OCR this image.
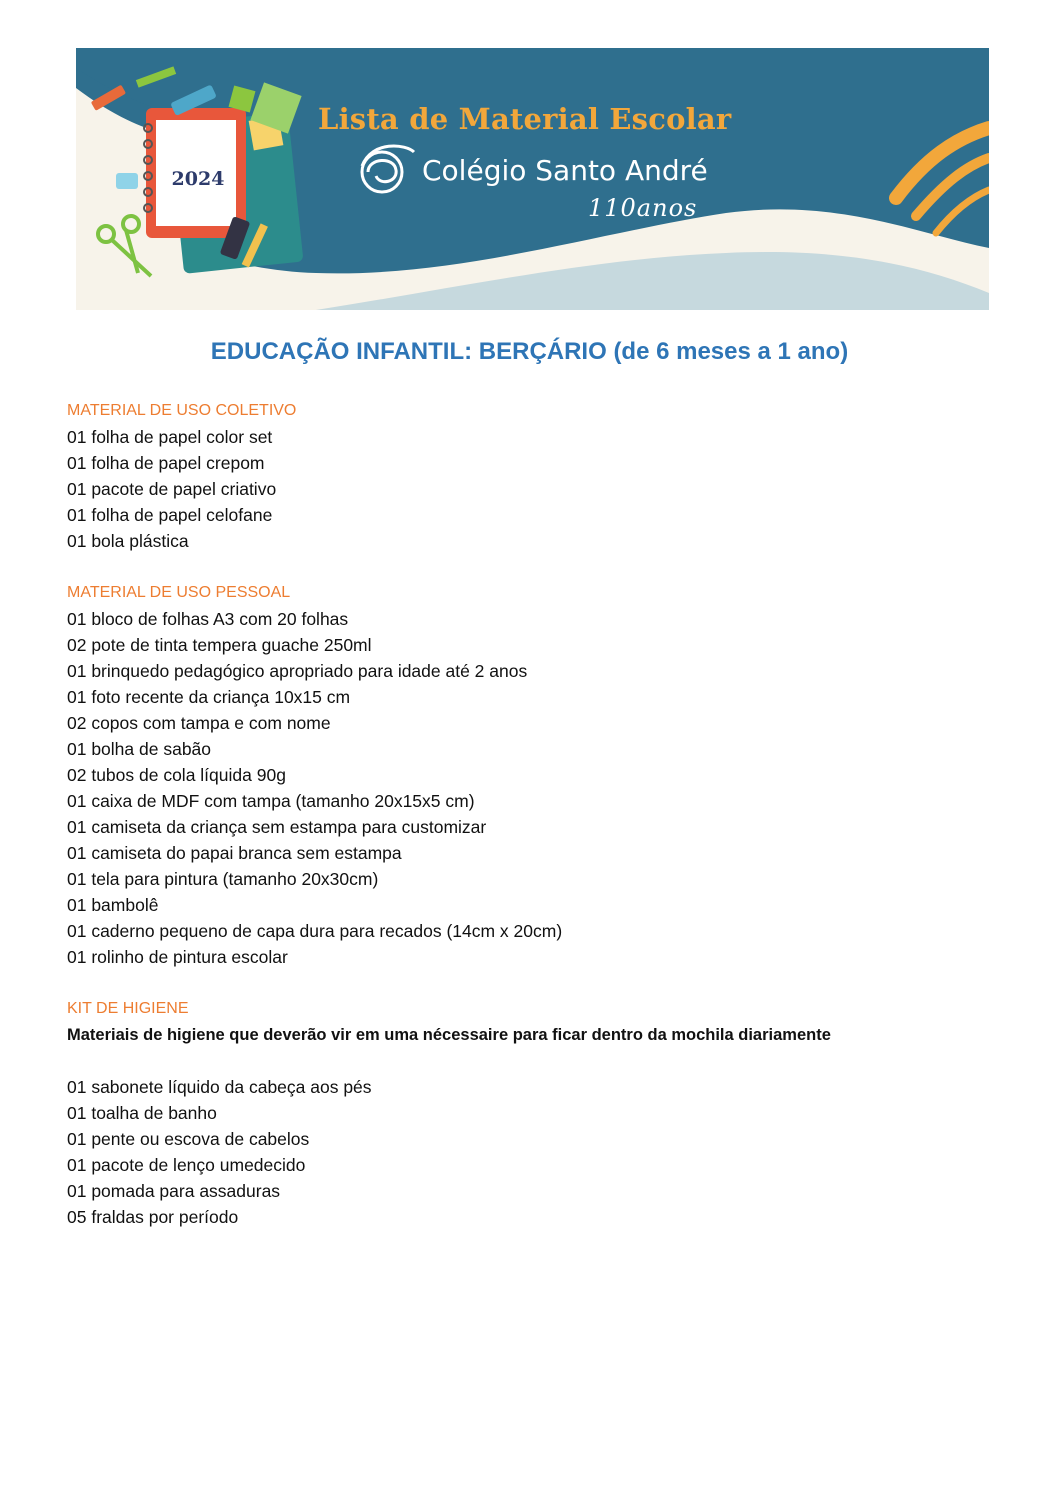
2024
Lista de Material Escolar
Colégio Santo André
110anos
EDUCAÇÃO INFANTIL: BERÇÁRIO (de 6 meses a 1 ano)
MATERIAL DE USO COLETIVO
01 folha de papel color set
01 folha de papel crepom
01 pacote de papel criativo
01 folha de papel celofane
01 bola plástica
MATERIAL DE USO PESSOAL
01 bloco de folhas A3 com 20 folhas
02 pote de tinta tempera guache 250ml
01 brinquedo pedagógico apropriado para idade até 2 anos
01 foto recente da criança 10x15 cm
02 copos com tampa e com nome
01 bolha de sabão
02 tubos de cola líquida 90g
01 caixa de MDF com tampa (tamanho 20x15x5 cm)
01 camiseta da criança sem estampa para customizar
01 camiseta do papai branca sem estampa
01 tela para pintura (tamanho 20x30cm)
01 bambolê
01 caderno pequeno de capa dura para recados (14cm x 20cm)
01 rolinho de pintura escolar
KIT DE HIGIENE
Materiais de higiene que deverão vir em uma nécessaire para ficar dentro da mochila diariamente
01 sabonete líquido da cabeça aos pés
01 toalha de banho
01 pente ou escova de cabelos
01 pacote de lenço umedecido
01 pomada para assaduras
05 fraldas por período
